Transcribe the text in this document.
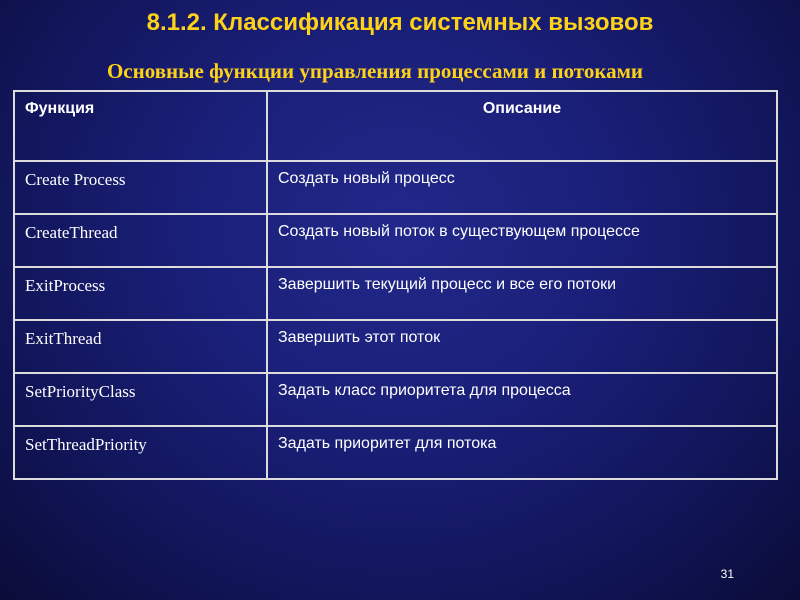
8.1.2. Классификация системных вызовов
Основные функции управления процессами и потоками
Функция	Описание
Create Process	Создать новый процесс
CreateThread	Создать новый поток в существующем процессе
ExitProcess	Завершить текущий процесс и все его потоки
ExitThread	Завершить этот поток
SetPriorityClass	Задать класс приоритета для процесса
SetThreadPriority	Задать приоритет для потока
31
